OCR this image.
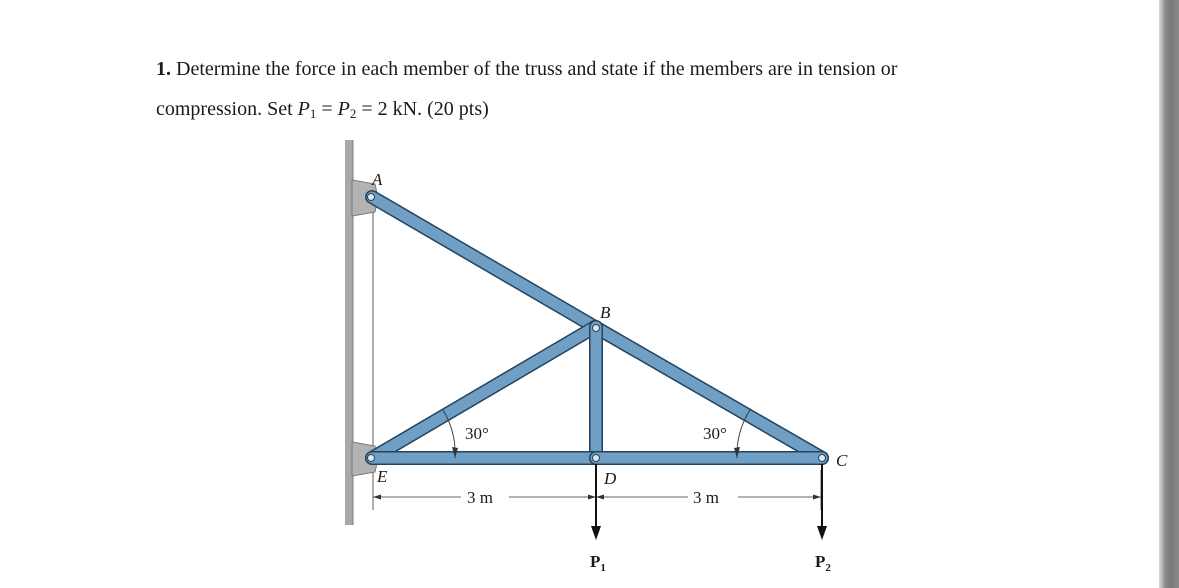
1. Determine the force in each member of the truss and state if the members are in tension or
compression. Set $P_1 = P_2 = 2$ kN. (20 pts)
A
B
C
D
E
30°	30°
3 m	3 m
$P_1$	$P_2$
